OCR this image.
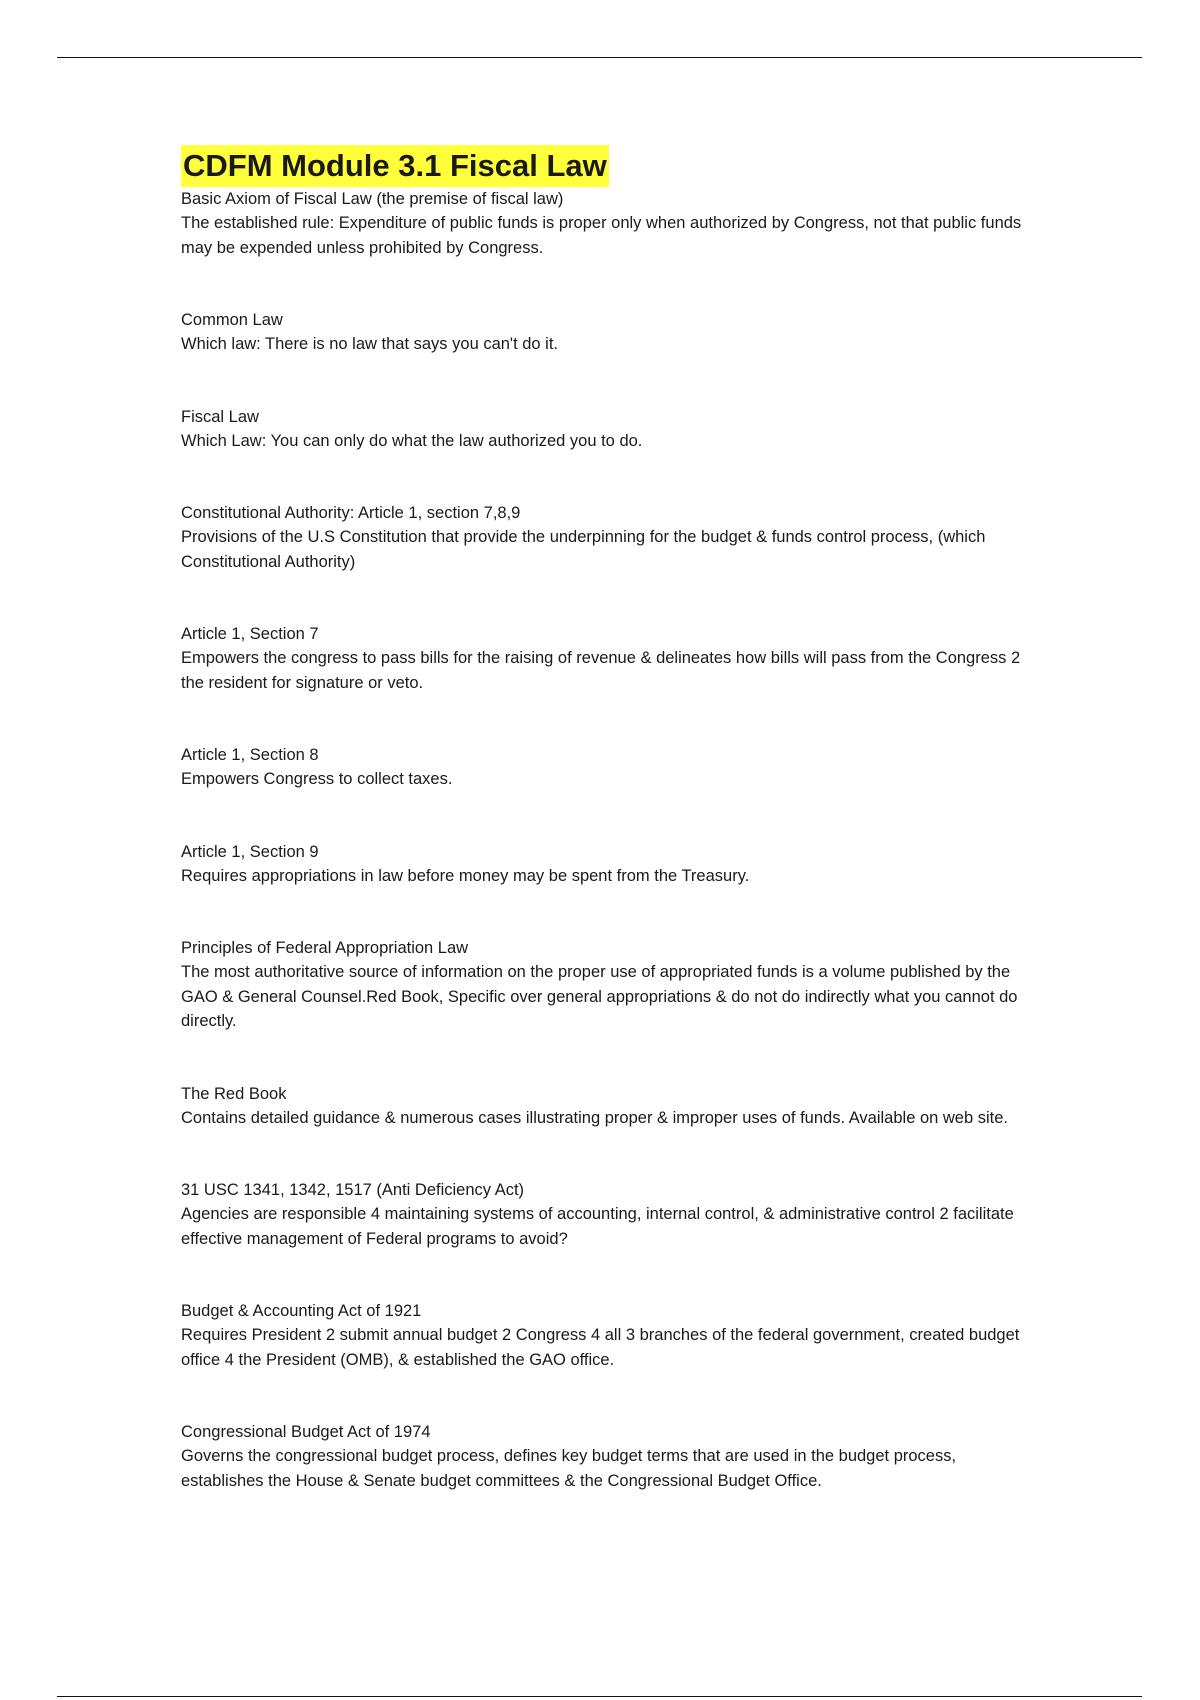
CDFM Module 3.1 Fiscal Law
Basic Axiom of Fiscal Law (the premise of fiscal law)
The established rule: Expenditure of public funds is proper only when authorized by Congress, not that public funds may be expended unless prohibited by Congress.
Common Law
Which law: There is no law that says you can't do it.
Fiscal Law
Which Law: You can only do what the law authorized you to do.
Constitutional Authority: Article 1, section 7,8,9
Provisions of the U.S Constitution that provide the underpinning for the budget & funds control process, (which Constitutional Authority)
Article 1, Section 7
Empowers the congress to pass bills for the raising of revenue & delineates how bills will pass from the Congress 2 the resident for signature or veto.
Article 1, Section 8
Empowers Congress to collect taxes.
Article 1, Section 9
Requires appropriations in law before money may be spent from the Treasury.
Principles of Federal Appropriation Law
The most authoritative source of information on the proper use of appropriated funds is a volume published by the GAO & General Counsel.Red Book, Specific over general appropriations & do not do indirectly what you cannot do directly.
The Red Book
Contains detailed guidance & numerous cases illustrating proper & improper uses of funds. Available on web site.
31 USC 1341, 1342, 1517 (Anti Deficiency Act)
Agencies are responsible 4 maintaining systems of accounting, internal control, & administrative control 2 facilitate effective management of Federal programs to avoid?
Budget & Accounting Act of 1921
Requires President 2 submit annual budget 2 Congress 4 all 3 branches of the federal government, created budget office 4 the President (OMB), & established the GAO office.
Congressional Budget Act of 1974
Governs the congressional budget process, defines key budget terms that are used in the budget process, establishes the House & Senate budget committees & the Congressional Budget Office.
